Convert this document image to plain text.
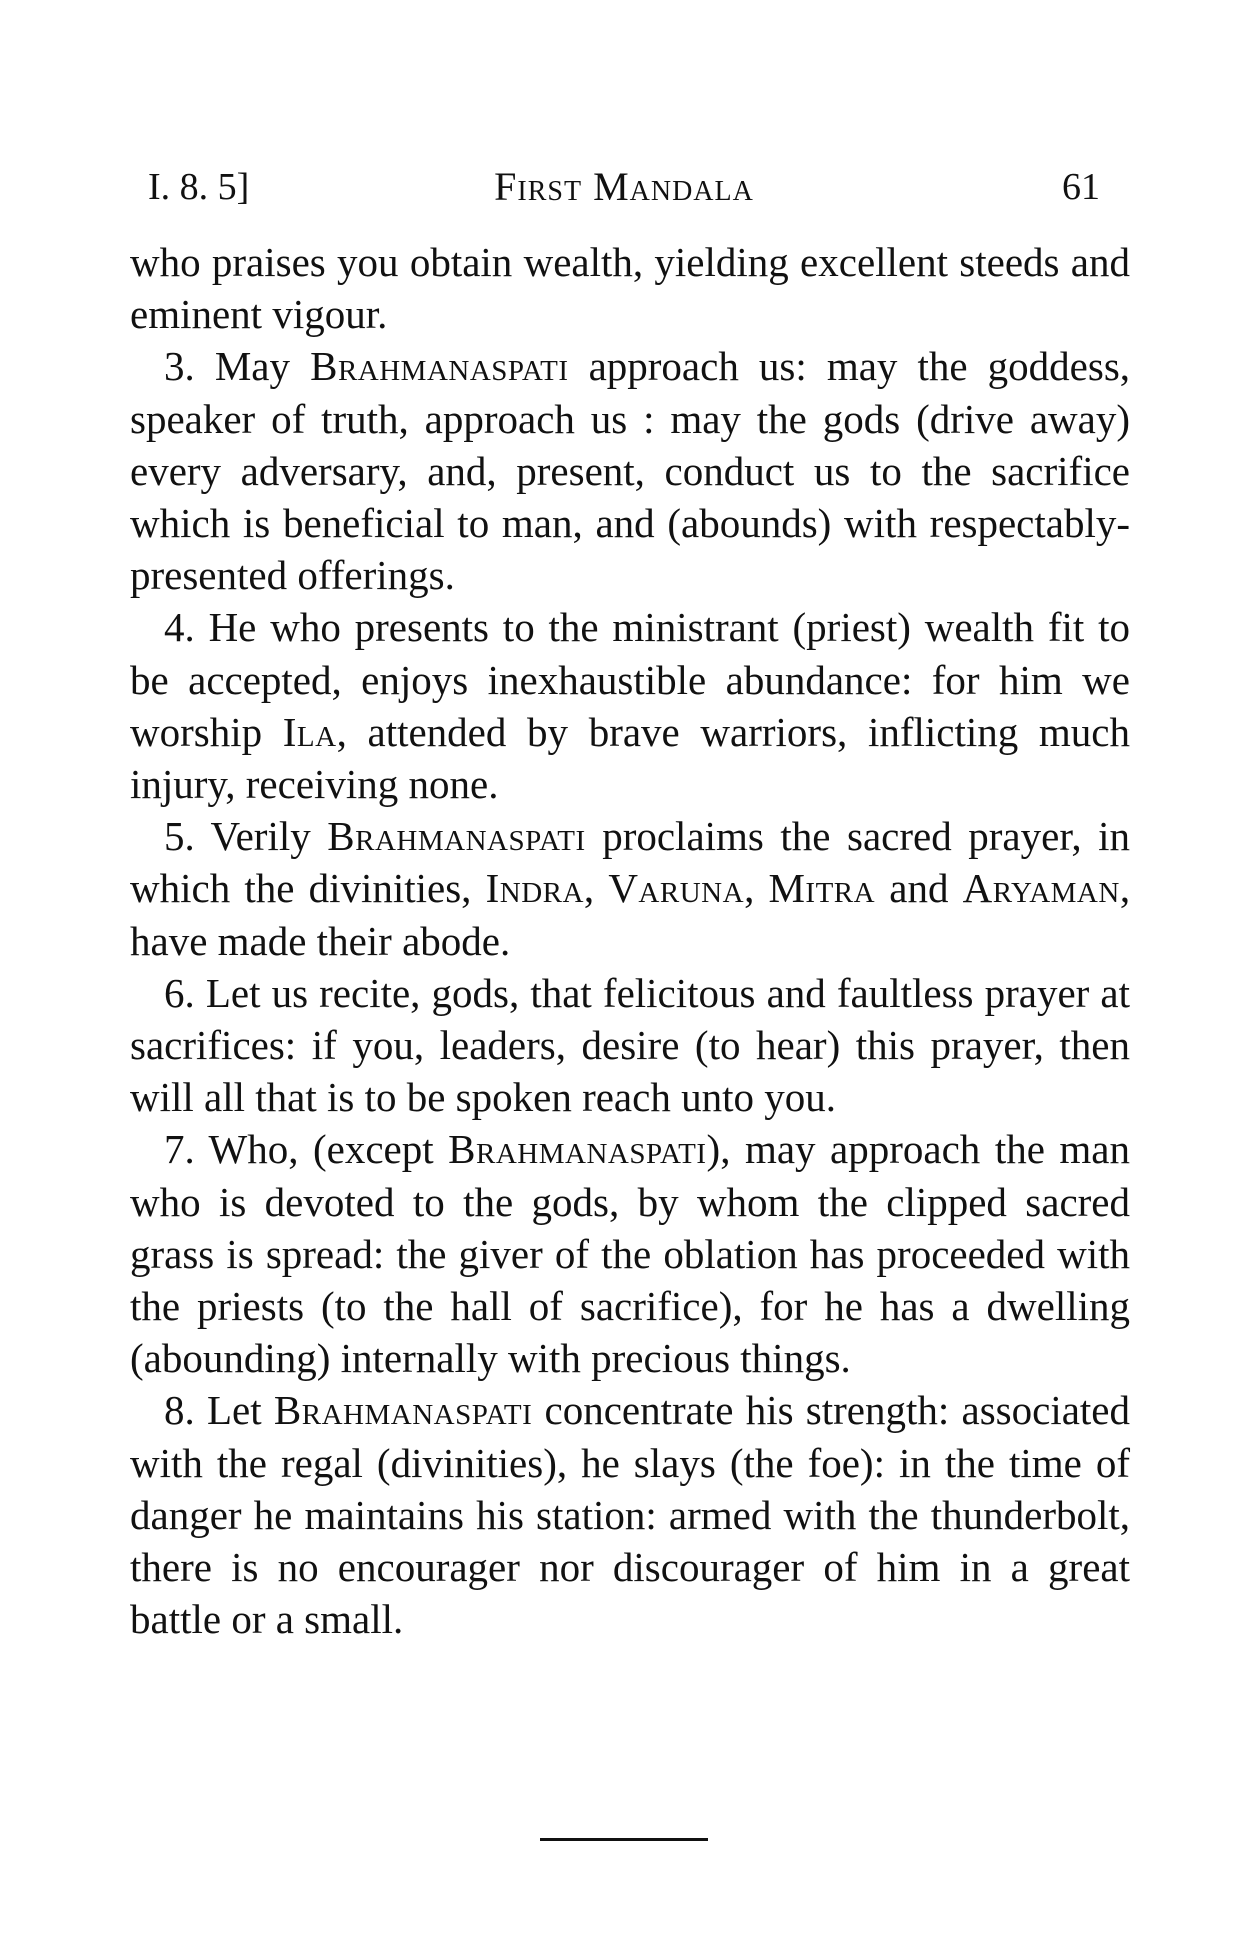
I. 8. 5]	First Mandala	61

who praises you obtain wealth, yielding excellent steeds and eminent vigour.

3. May Brahmanaspati approach us: may the goddess, speaker of truth, approach us : may the gods (drive away) every adversary, and, present, conduct us to the sacrifice which is beneficial to man, and (abounds) with respectably-presented offerings.

4. He who presents to the ministrant (priest) wealth fit to be accepted, enjoys inexhaustible abundance: for him we worship Ila, attended by brave warriors, inflicting much injury, receiving none.

5. Verily Brahmanaspati proclaims the sacred prayer, in which the divinities, Indra, Varuna, Mitra and Aryaman, have made their abode.

6. Let us recite, gods, that felicitous and faultless prayer at sacrifices: if you, leaders, desire (to hear) this prayer, then will all that is to be spoken reach unto you.

7. Who, (except Brahmanaspati), may approach the man who is devoted to the gods, by whom the clipped sacred grass is spread: the giver of the oblation has proceeded with the priests (to the hall of sacrifice), for he has a dwelling (abounding) internally with precious things.

8. Let Brahmanaspati concentrate his strength: associated with the regal (divinities), he slays (the foe): in the time of danger he maintains his station: armed with the thunderbolt, there is no encourager nor discourager of him in a great battle or a small.
